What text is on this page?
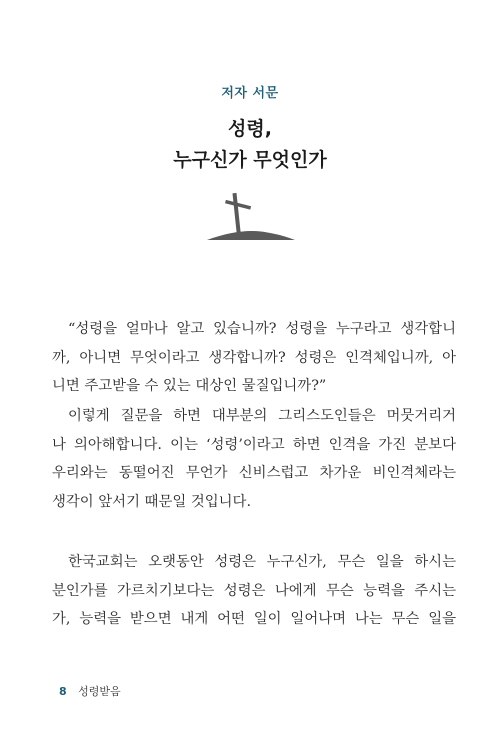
저자 서문
성령,
누구신가 무엇인가

“성령을 얼마나 알고 있습니까? 성령을 누구라고 생각합니
까, 아니면 무엇이라고 생각합니까? 성령은 인격체입니까, 아
니면 주고받을 수 있는 대상인 물질입니까?”

이렇게 질문을 하면 대부분의 그리스도인들은 머뭇거리거
나 의아해합니다. 이는 ‘성령’이라고 하면 인격을 가진 분보다
우리와는 동떨어진 무언가 신비스럽고 차가운 비인격체라는
생각이 앞서기 때문일 것입니다.

한국교회는 오랫동안 성령은 누구신가, 무슨 일을 하시는
분인가를 가르치기보다는 성령은 나에게 무슨 능력을 주시는
가, 능력을 받으면 내게 어떤 일이 일어나며 나는 무슨 일을

8 성령받음
